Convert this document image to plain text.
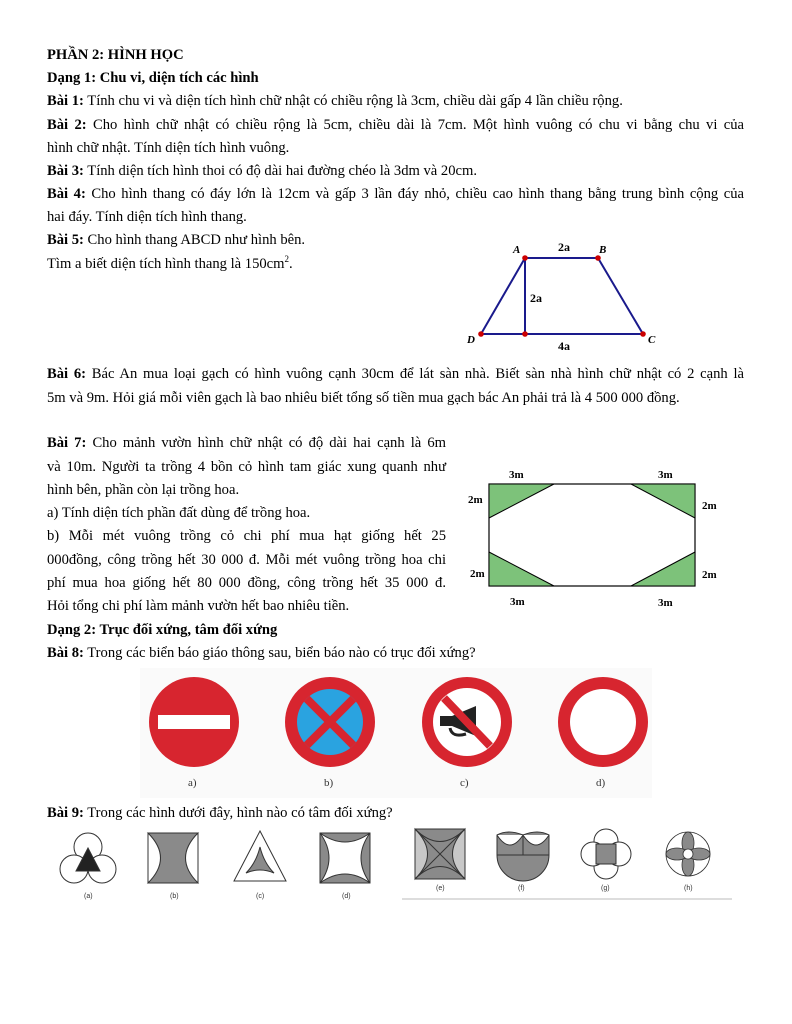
PHẦN 2: HÌNH HỌC
Dạng 1: Chu vi, diện tích các hình
Bài 1: Tính chu vi và diện tích hình chữ nhật có chiều rộng là 3cm, chiều dài gấp 4 lần chiều rộng.
Bài 2: Cho hình chữ nhật có chiều rộng là 5cm, chiều dài là 7cm. Một hình vuông có chu vi bằng chu vi của
hình chữ nhật. Tính diện tích hình vuông.
Bài 3: Tính diện tích hình thoi có độ dài hai đường chéo là 3dm và 20cm.
Bài 4: Cho hình thang có đáy lớn là 12cm và gấp 3 lần đáy nhỏ, chiều cao hình thang bằng trung bình cộng của
hai đáy. Tính diện tích hình thang.
Bài 5: Cho hình thang ABCD như hình bên.
Tìm a biết diện tích hình thang là $150cm^2$.
A	B
C
D
2a
2a
4a
Bài 6: Bác An mua loại gạch có hình vuông cạnh 30cm để lát sàn nhà. Biết sàn nhà hình chữ nhật có 2 cạnh là
5m và 9m. Hỏi giá mỗi viên gạch là bao nhiêu biết tổng số tiền mua gạch bác An phải trả là 4 500 000 đồng.
Bài 7: Cho mảnh vườn hình chữ nhật có độ dài hai cạnh là 6m
và 10m. Người ta trồng 4 bồn cỏ hình tam giác xung quanh như
hình bên, phần còn lại trồng hoa.
a) Tính diện tích phần đất dùng để trồng hoa.
b) Mỗi mét vuông trồng cỏ chi phí mua hạt giống hết 25
000đồng, công trồng hết 30 000 đ. Mỗi mét vuông trồng hoa chi
phí mua hoa giống hết 80 000 đồng, công trồng hết 35 000 đ.
Hỏi tổng chi phí làm mảnh vườn hết bao nhiêu tiền.
3m	3m
3m	3m
2m
2m
2m
2m
Dạng 2: Trục đối xứng, tâm đối xứng
Bài 8: Trong các biển báo giáo thông sau, biển báo nào có trục đối xứng?
a)	b)	c)	d)
Bài 9: Trong các hình dưới đây, hình nào có tâm đối xứng?
(a)	(b)	(c)	(d)
(e)	(f)	(g)	(h)
